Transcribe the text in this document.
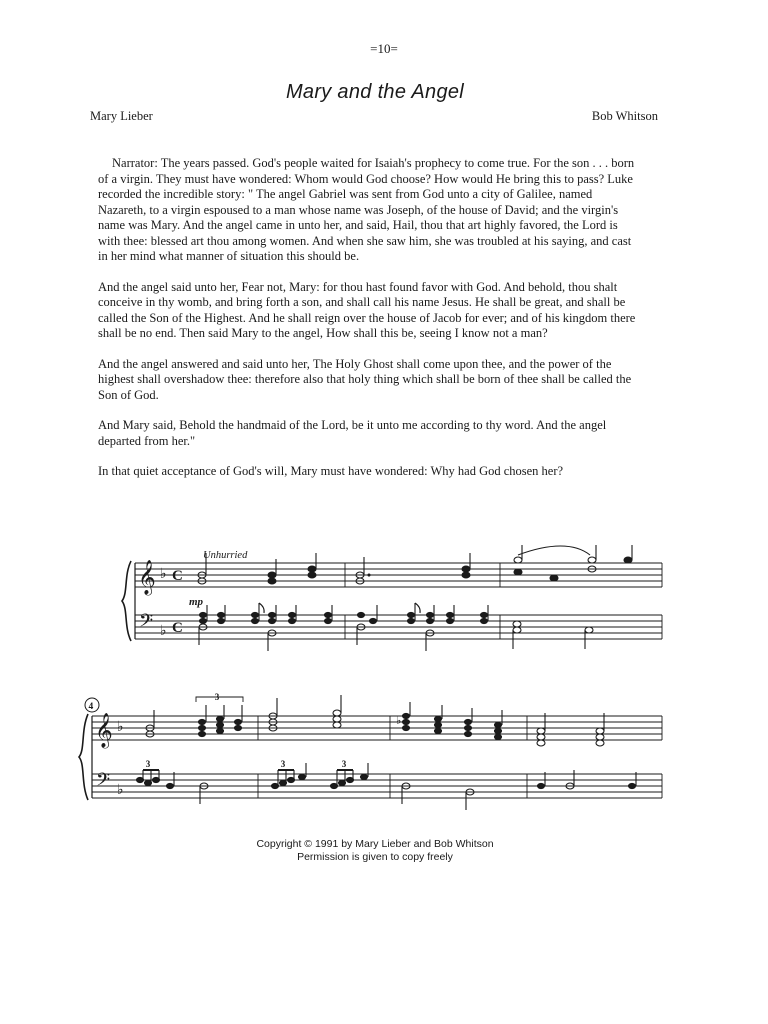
=10=
Mary and the Angel
Mary Lieber	Bob Whitson

Narrator: The years passed. God's people waited for Isaiah's prophecy to come true. For the son . . . born of a virgin. They must have wondered: Whom would God choose? How would He bring this to pass? Luke recorded the incredible story: " The angel Gabriel was sent from God unto a city of Galilee, named Nazareth, to a virgin espoused to a man whose name was Joseph, of the house of David; and the virgin's name was Mary. And the angel came in unto her, and said, Hail, thou that art highly favored, the Lord is with thee: blessed art thou among women. And when she saw him, she was troubled at his saying, and cast in her mind what manner of situation this should be.

And the angel said unto her, Fear not, Mary: for thou hast found favor with God. And behold, thou shalt conceive in thy womb, and bring forth a son, and shall call his name Jesus. He shall be great, and shall be called the Son of the Highest. And he shall reign over the house of Jacob for ever; and of his kingdom there shall be no end. Then said Mary to the angel, How shall this be, seeing I know not a man?

And the angel answered and said unto her, The Holy Ghost shall come upon thee, and the power of the highest shall overshadow thee: therefore also that holy thing which shall be born of thee shall be called the Son of God.

And Mary said, Behold the handmaid of the Lord, be it unto me according to thy word. And the angel departed from her."

In that quiet acceptance of God's will, Mary must have wondered: Why had God chosen her?

𝄞
𝄢
♭
♭
C
C
Unhurried
mp
4
𝄞
𝄢
♭
♭
3
3	3	3
♭
Copyright © 1991 by Mary Lieber and Bob Whitson
Permission is given to copy freely
